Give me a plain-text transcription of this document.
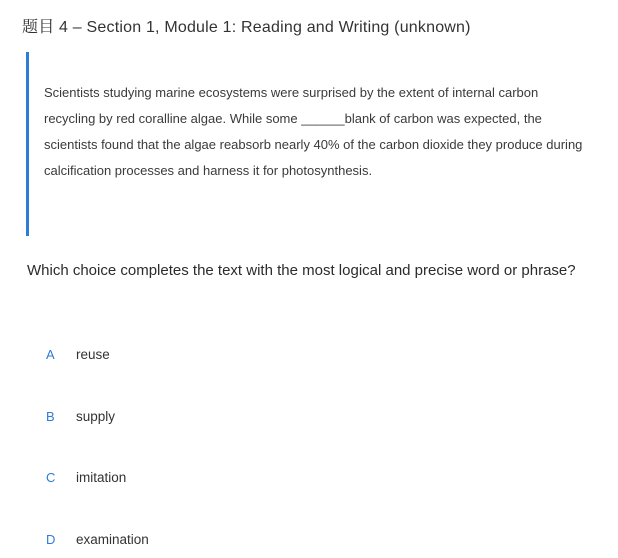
题目 4 – Section 1, Module 1: Reading and Writing (unknown)

Scientists studying marine ecosystems were surprised by the extent of internal carbon recycling by red coralline algae. While some ______blank of carbon was expected, the scientists found that the algae reabsorb nearly 40% of the carbon dioxide they produce during calcification processes and harness it for photosynthesis.

Which choice completes the text with the most logical and precise word or phrase?

A	reuse
B	supply
C	imitation
D	examination
